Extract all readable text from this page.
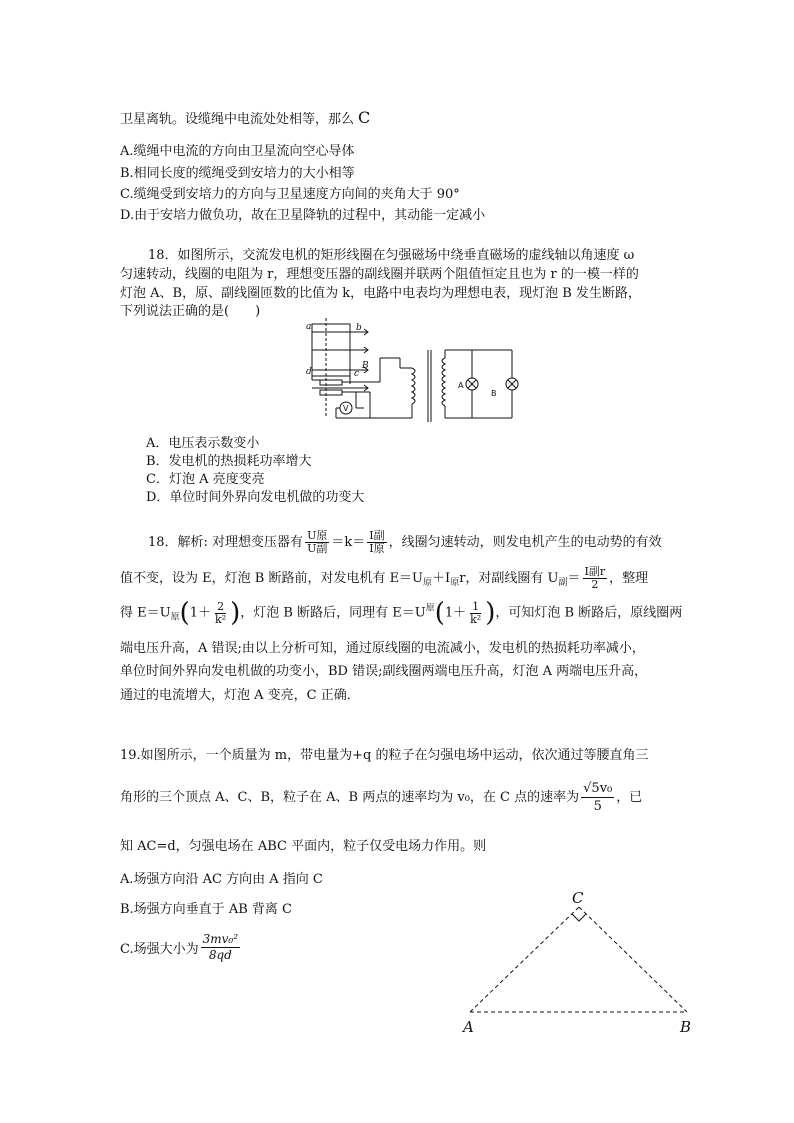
卫星离轨。设缆绳中电流处处相等，那么 C
A.缆绳中电流的方向由卫星流向空心导体
B.相同长度的缆绳受到安培力的大小相等
C.缆绳受到安培力的方向与卫星速度方向间的夹角大于 90°
D.由于安培力做负功，故在卫星降轨的过程中，其动能一定减小
18．如图所示，交流发电机的矩形线圈在匀强磁场中绕垂直磁场的虚线轴以角速度 ω
匀速转动，线圈的电阻为 r，理想变压器的副线圈并联两个阻值恒定且也为 r 的一模一样的
灯泡 A、B，原、副线圈匝数的比值为 k，电路中电表均为理想电表，现灯泡 B 发生断路，
下列说法正确的是(　　)
a	b
B
d	c
V
A
B
A．电压表示数变小
B．发电机的热损耗功率增大
C．灯泡 A 亮度变亮
D．单位时间外界向发电机做的功变大
18．解析: 对理想变压器有 $\frac{\text{U原}}{\text{U副}} =k= \frac{\text{I副}}{\text{I原}}$ ，线圈匀速转动，则发电机产生的电动势的有效
值不变，设为 E，灯泡 B 断路前，对发电机有 $E=U_原+I_原r$，对副线圈有 $U_副= \frac{\text{I副r}}{2}$ ，整理
得 $E=U_原(1+ \frac{2}{\text{k²}}$ )，灯泡 B 断路后，同理有 $E=U^原(1+ \frac{1}{\text{k²}}$ )，可知灯泡 B 断路后，原线圈两
端电压升高，A 错误;由以上分析可知，通过原线圈的电流减小，发电机的热损耗功率减小，
单位时间外界向发电机做的功变小，BD 错误;副线圈两端电压升高，灯泡 A 两端电压升高，
通过的电流增大，灯泡 A 变亮，C 正确．
19.如图所示，一个质量为 m，带电量为+q 的粒子在匀强电场中运动，依次通过等腰直角三
角形的三个顶点 A、C、B，粒子在 A、B 两点的速率均为 v₀，在 C 点的速率为 $\frac{\text{√5v₀}}{5}$ ，已
知 AC=d，匀强电场在 ABC 平面内，粒子仅受电场力作用。则
A.场强方向沿 AC 方向由 A 指向 C
B.场强方向垂直于 AB 背离 C
C.场强大小为 $\frac{\text{3mv₀²}}{8qd}$
C
A	B
